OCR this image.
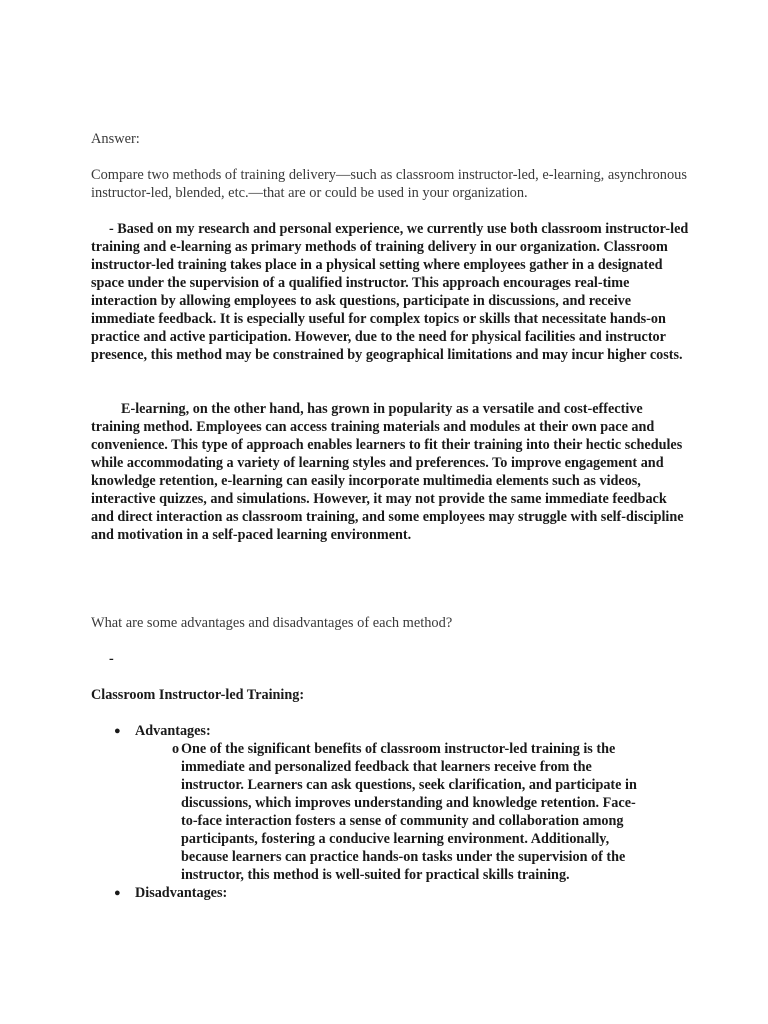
Answer:
Compare two methods of training delivery—such as classroom instructor-led, e-learning, asynchronous instructor-led, blended, etc.—that are or could be used in your organization.
- Based on my research and personal experience, we currently use both classroom instructor-led training and e-learning as primary methods of training delivery in our organization. Classroom instructor-led training takes place in a physical setting where employees gather in a designated space under the supervision of a qualified instructor. This approach encourages real-time interaction by allowing employees to ask questions, participate in discussions, and receive immediate feedback. It is especially useful for complex topics or skills that necessitate hands-on practice and active participation. However, due to the need for physical facilities and instructor presence, this method may be constrained by geographical limitations and may incur higher costs.
E-learning, on the other hand, has grown in popularity as a versatile and cost-effective training method. Employees can access training materials and modules at their own pace and convenience. This type of approach enables learners to fit their training into their hectic schedules while accommodating a variety of learning styles and preferences. To improve engagement and knowledge retention, e-learning can easily incorporate multimedia elements such as videos, interactive quizzes, and simulations. However, it may not provide the same immediate feedback and direct interaction as classroom training, and some employees may struggle with self-discipline and motivation in a self-paced learning environment.
What are some advantages and disadvantages of each method?
-
Classroom Instructor-led Training:
● Advantages:
o One of the significant benefits of classroom instructor-led training is the immediate and personalized feedback that learners receive from the instructor. Learners can ask questions, seek clarification, and participate in discussions, which improves understanding and knowledge retention. Face-to-face interaction fosters a sense of community and collaboration among participants, fostering a conducive learning environment. Additionally, because learners can practice hands-on tasks under the supervision of the instructor, this method is well-suited for practical skills training.
● Disadvantages:
